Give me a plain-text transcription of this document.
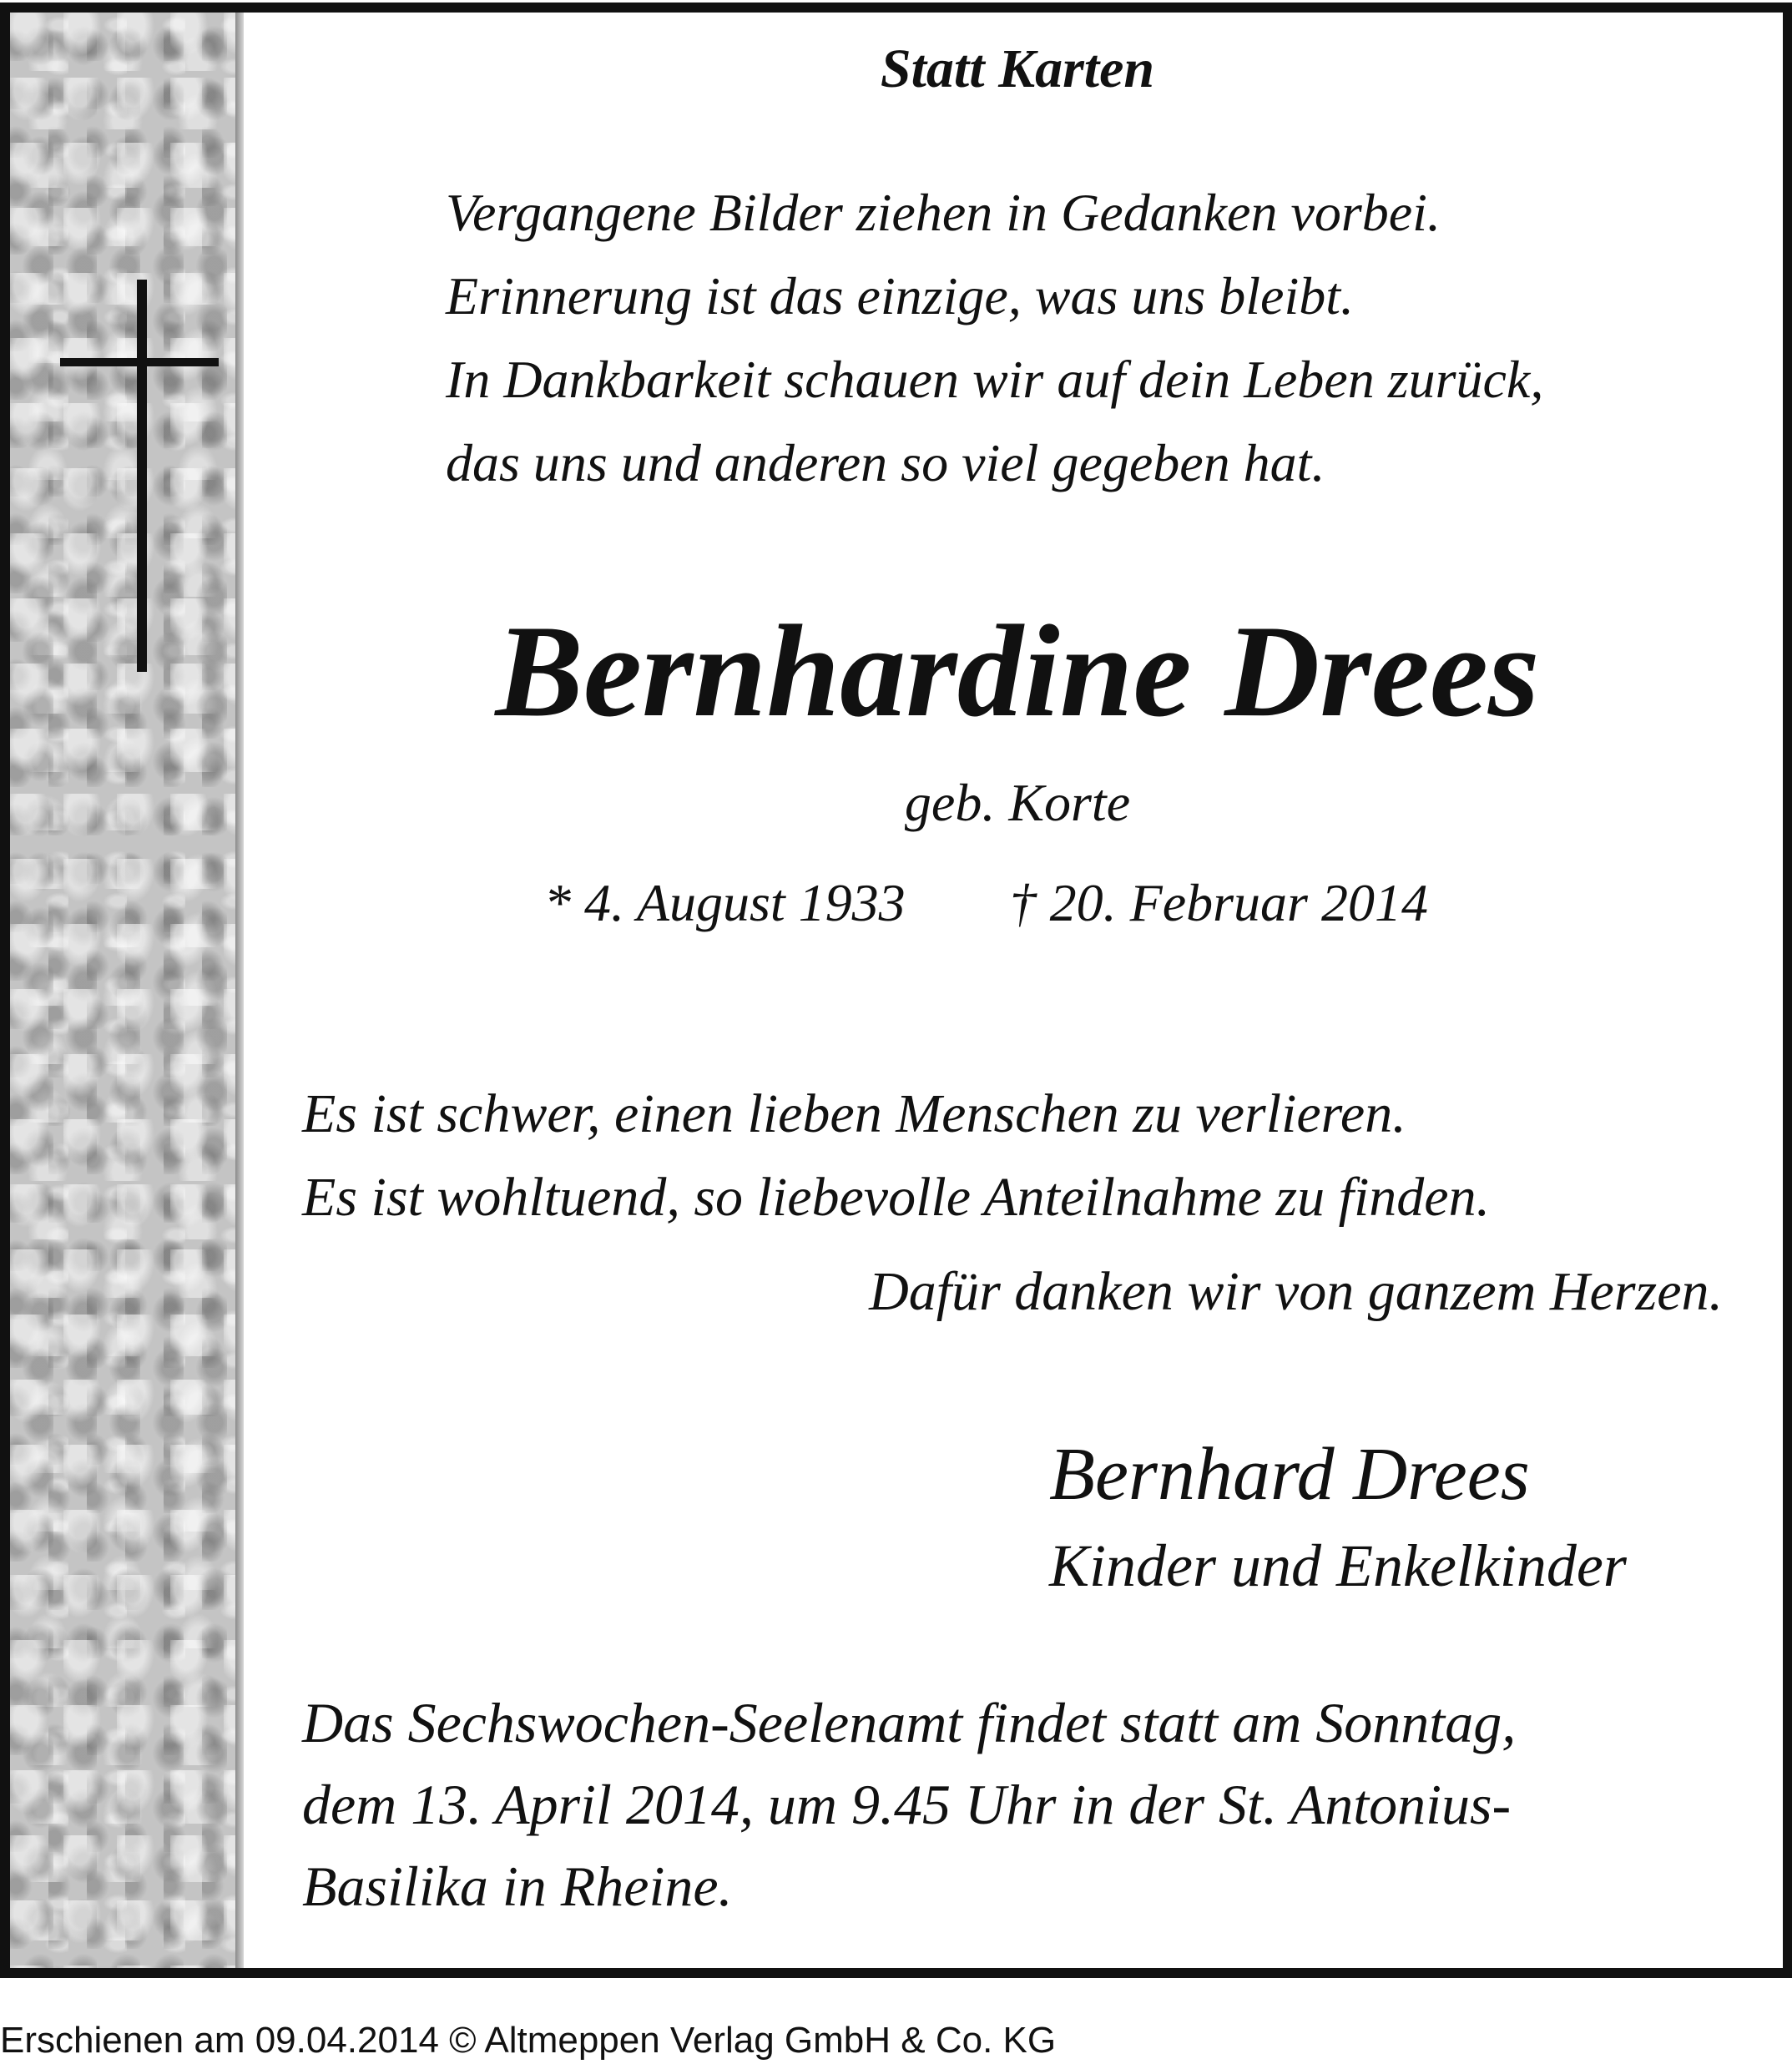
Statt Karten

Vergangene Bilder ziehen in Gedanken vorbei.
Erinnerung ist das einzige, was uns bleibt.
In Dankbarkeit schauen wir auf dein Leben zurück,
das uns und anderen so viel gegeben hat.

Bernhardine Drees

geb. Korte

* 4. August 1933 † 20. Februar 2014

Es ist schwer, einen lieben Menschen zu verlieren.
Es ist wohltuend, so liebevolle Anteilnahme zu finden.

Dafür danken wir von ganzem Herzen.

Bernhard Drees

Kinder und Enkelkinder

Das Sechswochen-Seelenamt findet statt am Sonntag,
dem 13. April 2014, um 9.45 Uhr in der St. Antonius-
Basilika in Rheine.

Erschienen am 09.04.2014 © Altmeppen Verlag GmbH & Co. KG
